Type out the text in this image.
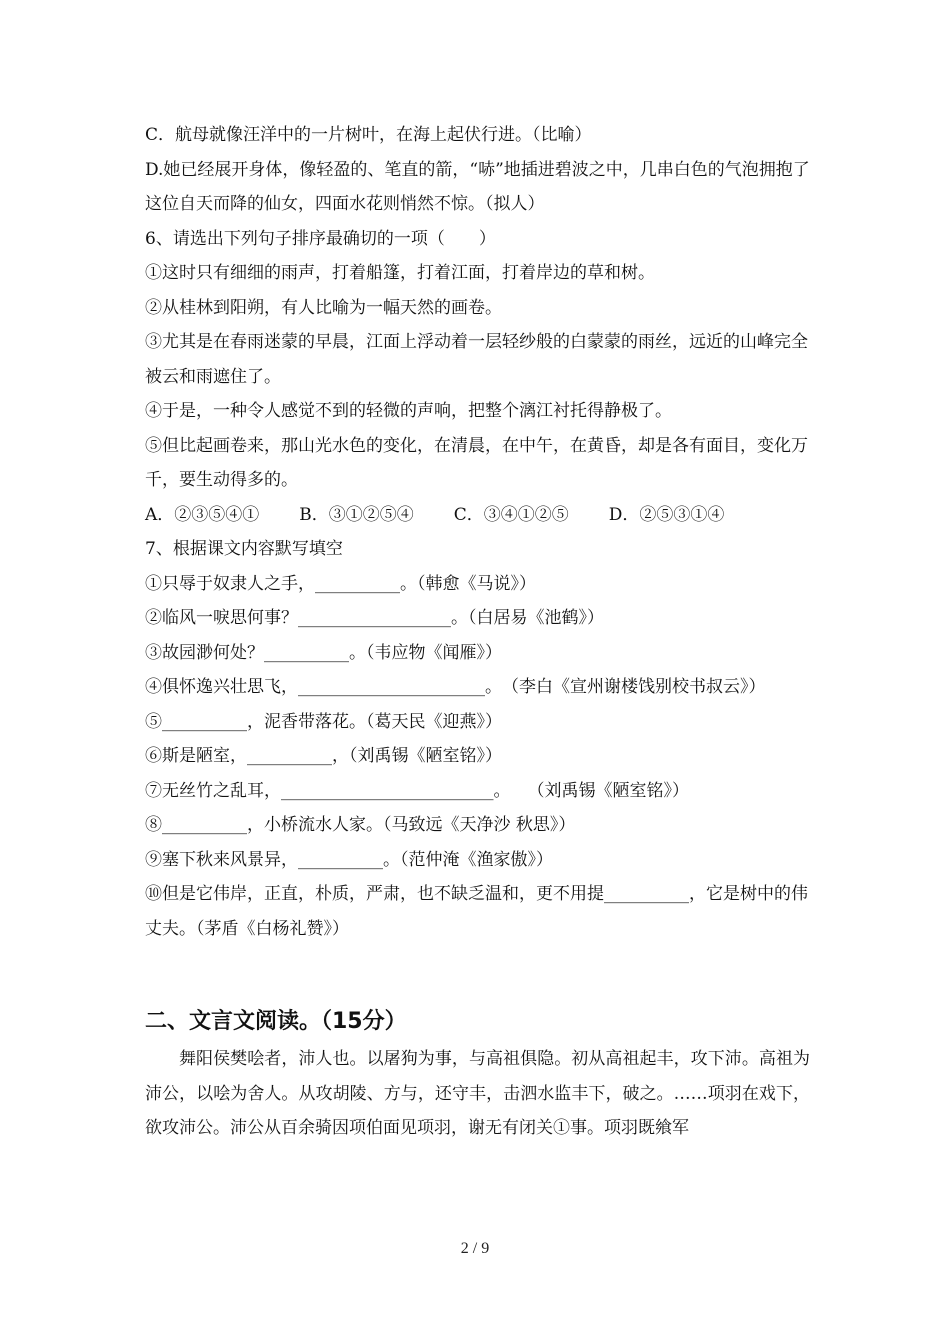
C．航母就像汪洋中的一片树叶，在海上起伏行进。（比喻）
D.她已经展开身体，像轻盈的、笔直的箭，“哧”地插进碧波之中，几串白色的气泡拥抱了这位自天而降的仙女，四面水花则悄然不惊。（拟人）
6、请选出下列句子排序最确切的一项（　　）
①这时只有细细的雨声，打着船篷，打着江面，打着岸边的草和树。
②从桂林到阳朔，有人比喻为一幅天然的画卷。
③尤其是在春雨迷蒙的早晨，江面上浮动着一层轻纱般的白蒙蒙的雨丝，远近的山峰完全被云和雨遮住了。
④于是，一种令人感觉不到的轻微的声响，把整个漓江衬托得静极了。
⑤但比起画卷来，那山光水色的变化，在清晨，在中午，在黄昏，却是各有面目，变化万千，要生动得多的。
A．②③⑤④① B．③①②⑤④ C．③④①②⑤ D．②⑤③①④
7、根据课文内容默写填空
①只辱于奴隶人之手，__________。（韩愈《马说》）
②临风一唳思何事？__________________。（白居易《池鹤》）
③故园渺何处？__________。（韦应物《闻雁》）
④俱怀逸兴壮思飞，______________________。　（李白《宣州谢楼饯别校书叔云》）
⑤__________，泥香带落花。（葛天民《迎燕》）
⑥斯是陋室，__________，（刘禹锡《陋室铭》）
⑦无丝竹之乱耳，_________________________。　　（刘禹锡《陋室铭》）
⑧__________，小桥流水人家。（马致远《天净沙 秋思》）
⑨塞下秋来风景异，__________。（范仲淹《渔家傲》）
⑩但是它伟岸，正直，朴质，严肃，也不缺乏温和，更不用提__________，它是树中的伟丈夫。（茅盾《白杨礼赞》）
二、文言文阅读。（15分）
舞阳侯樊哙者，沛人也。以屠狗为事，与高祖俱隐。初从高祖起丰，攻下沛。高祖为沛公，以哙为舍人。从攻胡陵、方与，还守丰，击泗水监丰下，破之。……项羽在戏下，欲攻沛公。沛公从百余骑因项伯面见项羽，谢无有闭关①事。项羽既飨军
2 / 9
